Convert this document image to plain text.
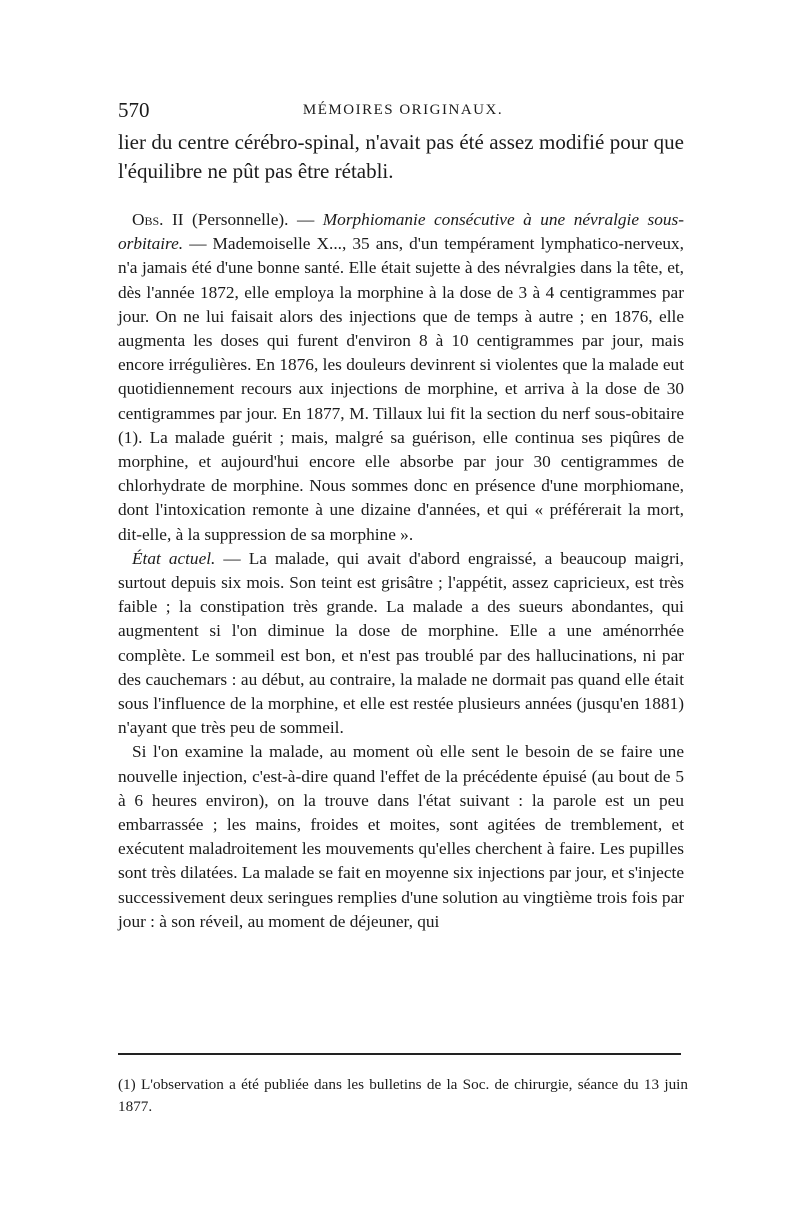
570	MÉMOIRES ORIGINAUX.

lier du centre cérébro-spinal, n'avait pas été assez modifié pour que l'équilibre ne pût pas être rétabli.

Obs. II (Personnelle). — Morphiomanie consécutive à une névralgie sous-orbitaire. — Mademoiselle X..., 35 ans, d'un tempérament lymphatico-nerveux, n'a jamais été d'une bonne santé. Elle était sujette à des névralgies dans la tête, et, dès l'année 1872, elle employa la morphine à la dose de 3 à 4 centigrammes par jour. On ne lui faisait alors des injections que de temps à autre ; en 1876, elle augmenta les doses qui furent d'environ 8 à 10 centigrammes par jour, mais encore irrégulières. En 1876, les douleurs devinrent si violentes que la malade eut quotidiennement recours aux injections de morphine, et arriva à la dose de 30 centigrammes par jour. En 1877, M. Tillaux lui fit la section du nerf sous-obitaire (1). La malade guérit ; mais, malgré sa guérison, elle continua ses piqûres de morphine, et aujourd'hui encore elle absorbe par jour 30 centigrammes de chlorhydrate de morphine. Nous sommes donc en présence d'une morphiomane, dont l'intoxication remonte à une dizaine d'années, et qui « préférerait la mort, dit-elle, à la suppression de sa morphine ».

État actuel. — La malade, qui avait d'abord engraissé, a beaucoup maigri, surtout depuis six mois. Son teint est grisâtre ; l'appétit, assez capricieux, est très faible ; la constipation très grande. La malade a des sueurs abondantes, qui augmentent si l'on diminue la dose de morphine. Elle a une aménorrhée complète. Le sommeil est bon, et n'est pas troublé par des hallucinations, ni par des cauchemars : au début, au contraire, la malade ne dormait pas quand elle était sous l'influence de la morphine, et elle est restée plusieurs années (jusqu'en 1881) n'ayant que très peu de sommeil.

Si l'on examine la malade, au moment où elle sent le besoin de se faire une nouvelle injection, c'est-à-dire quand l'effet de la précédente épuisé (au bout de 5 à 6 heures environ), on la trouve dans l'état suivant : la parole est un peu embarrassée ; les mains, froides et moites, sont agitées de tremblement, et exécutent maladroitement les mouvements qu'elles cherchent à faire. Les pupilles sont très dilatées. La malade se fait en moyenne six injections par jour, et s'injecte successivement deux seringues remplies d'une solution au vingtième trois fois par jour : à son réveil, au moment de déjeuner, qui

(1) L'observation a été publiée dans les bulletins de la Soc. de chirurgie, séance du 13 juin 1877.
